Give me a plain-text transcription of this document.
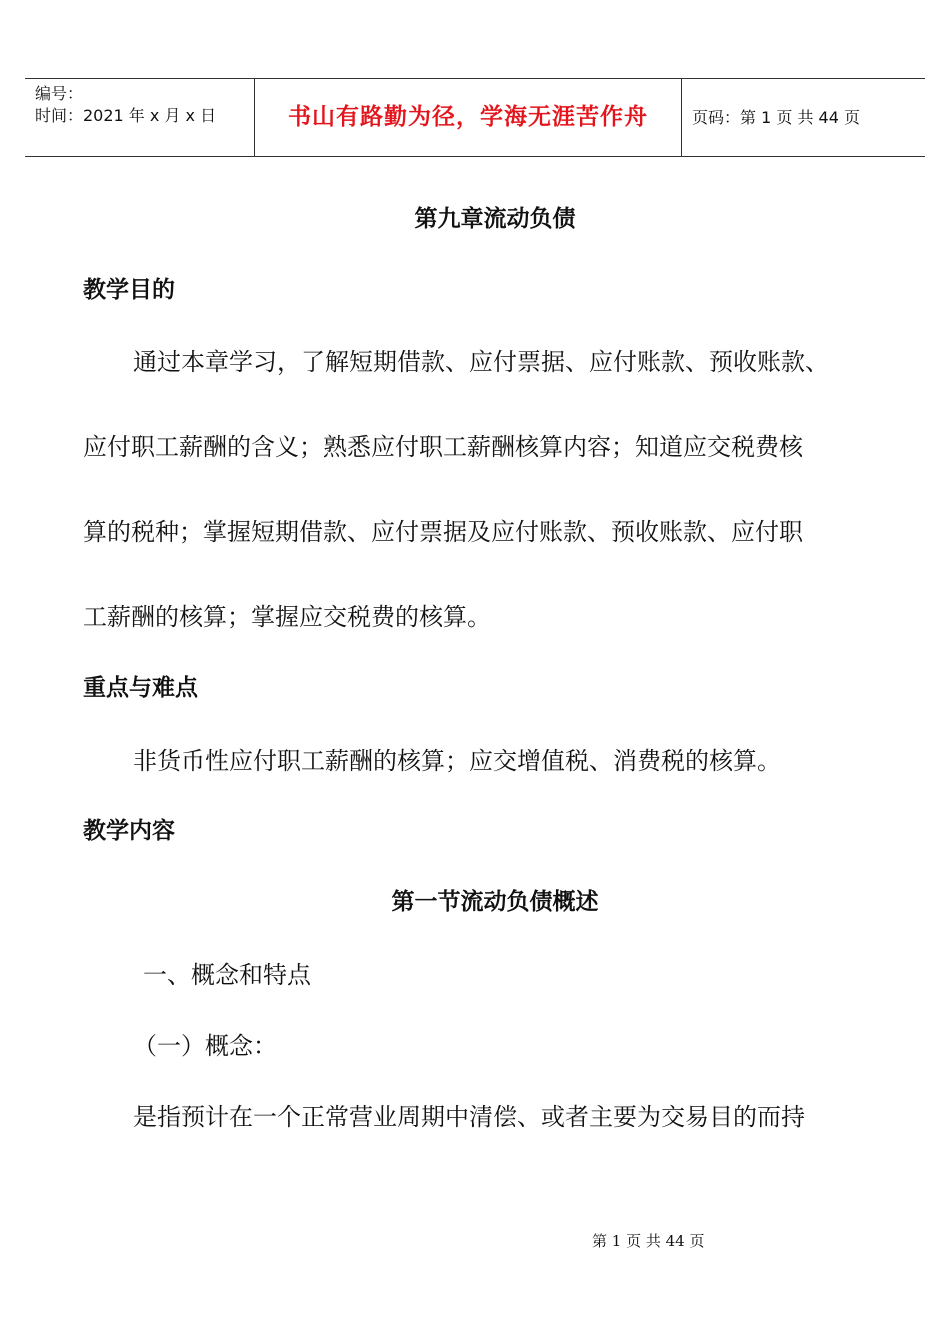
编号：
时间：2021 年 x 月 x 日	书山有路勤为径，学海无涯苦作舟	页码：第 1 页 共 44 页
第九章流动负债
教学目的
通过本章学习，了解短期借款、应付票据、应付账款、预收账款、
应付职工薪酬的含义；熟悉应付职工薪酬核算内容；知道应交税费核
算的税种；掌握短期借款、应付票据及应付账款、预收账款、应付职
工薪酬的核算；掌握应交税费的核算。
重点与难点
非货币性应付职工薪酬的核算；应交增值税、消费税的核算。
教学内容
第一节流动负债概述
一、概念和特点
（一）概念：
是指预计在一个正常营业周期中清偿、或者主要为交易目的而持
第 1 页 共 44 页
